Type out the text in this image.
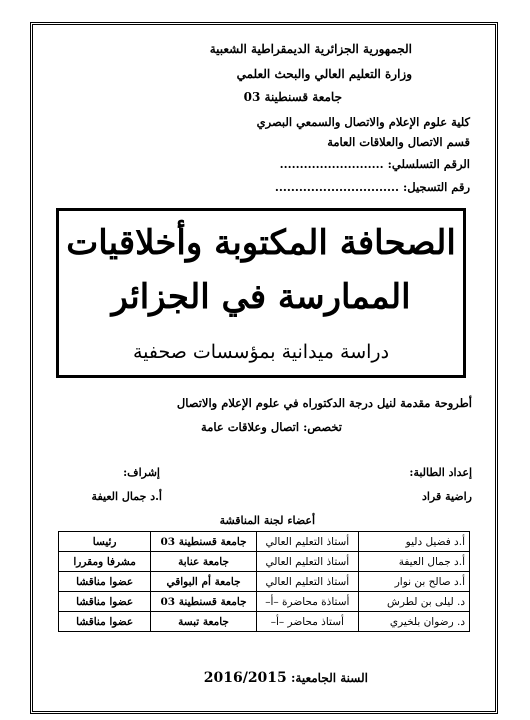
الجمهورية الجزائرية الديمقراطية الشعبية
وزارة التعليم العالي والبحث العلمي
جامعة قسنطينة 03
كلية علوم الإعلام والاتصال والسمعي البصري
قسم الاتصال والعلاقات العامة
الرقم التسلسلي: ..........................
رقم التسجيل: ...............................
الصحافة المكتوبة وأخلاقيات
الممارسة في الجزائر
دراسة ميدانية بمؤسسات صحفية
أطروحة مقدمة لنيل درجة الدكتوراه في علوم الإعلام والاتصال
تخصص: اتصال وعلاقات عامة
إعداد الطالبة:
راضية قراد
إشراف:
أ.د جمال العيفة
أعضاء لجنة المناقشة
أ.د فضيل دليو	أستاذ التعليم العالي	جامعة قسنطينة 03	رئيسا
أ.د جمال العيفة	أستاذ التعليم العالي	جامعة عنابة	مشرفا ومقررا
أ.د صالح بن نوار	أستاذ التعليم العالي	جامعة أم البواقي	عضوا مناقشا
د. ليلى بن لطرش	أستاذة محاضرة –أ–	جامعة قسنطينة 03	عضوا مناقشا
د. رضوان بلخيري	أستاذ محاضر –أ–	جامعة تبسة	عضوا مناقشا
السنة الجامعية: 2016/2015
